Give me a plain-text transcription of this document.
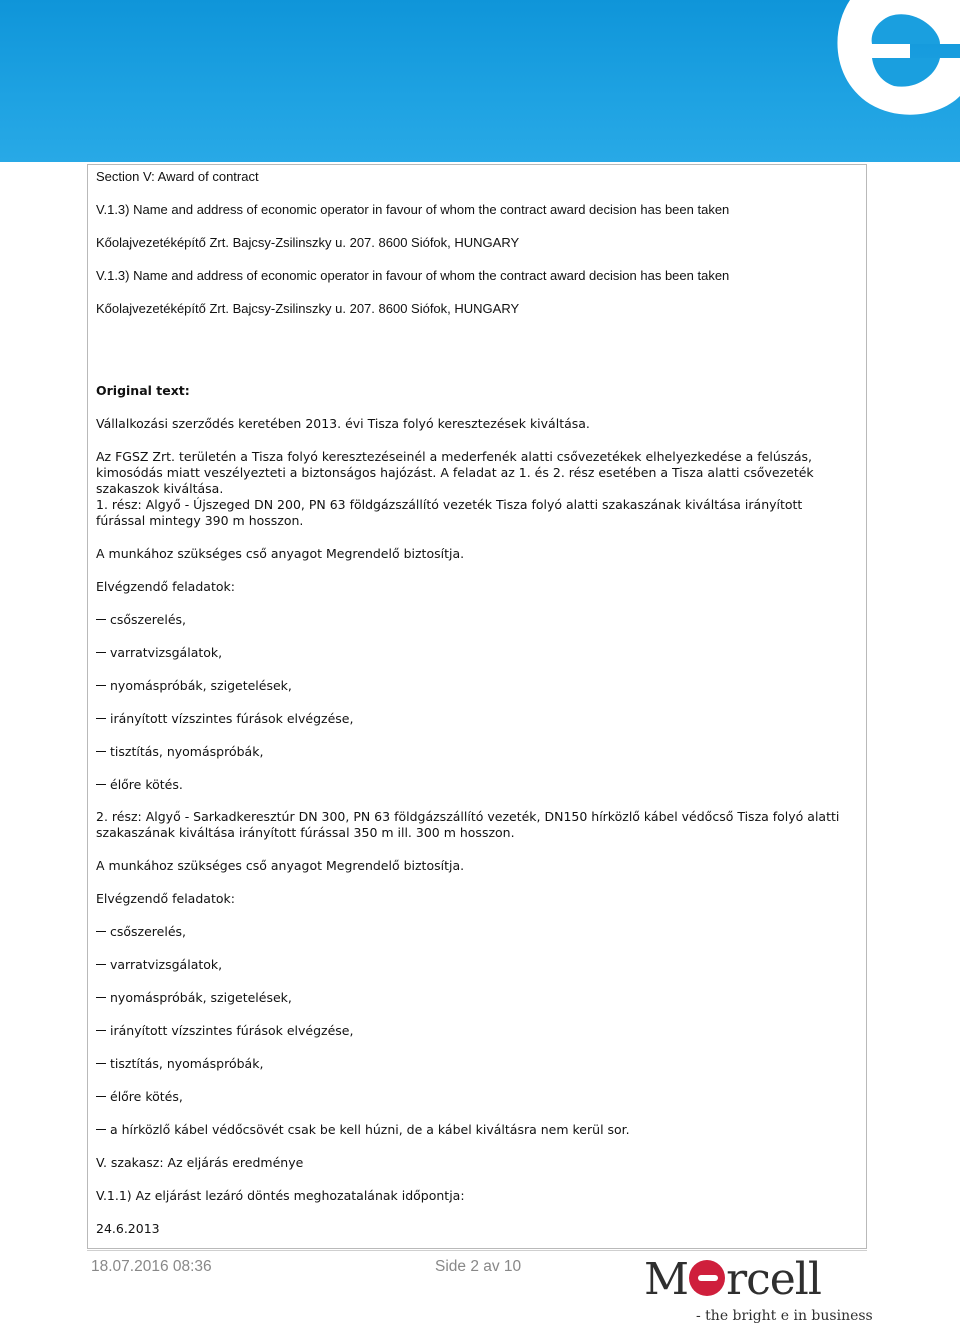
Section V: Award of contract
V.1.3) Name and address of economic operator in favour of whom the contract award decision has been taken
Kőolajvezetéképítő Zrt. Bajcsy-Zsilinszky u. 207. 8600 Siófok, HUNGARY
V.1.3) Name and address of economic operator in favour of whom the contract award decision has been taken
Kőolajvezetéképítő Zrt. Bajcsy-Zsilinszky u. 207. 8600 Siófok, HUNGARY
Original text:
Vállalkozási szerződés keretében 2013. évi Tisza folyó keresztezések kiváltása.
Az FGSZ Zrt. területén a Tisza folyó keresztezéseinél a mederfenék alatti csővezetékek elhelyezkedése a felúszás, kimosódás miatt veszélyezteti a biztonságos hajózást. A feladat az 1. és 2. rész esetében a Tisza alatti csővezeték szakaszok kiváltása.
1. rész: Algyő - Újszeged DN 200, PN 63 földgázszállító vezeték Tisza folyó alatti szakaszának kiváltása irányított fúrással mintegy 390 m hosszon.
A munkához szükséges cső anyagot Megrendelő biztosítja.
Elvégzendő feladatok:
csőszerelés,
varratvizsgálatok,
nyomáspróbák, szigetelések,
irányított vízszintes fúrások elvégzése,
tisztítás, nyomáspróbák,
élőre kötés.
2. rész: Algyő - Sarkadkeresztúr DN 300, PN 63 földgázszállító vezeték, DN150 hírközlő kábel védőcső Tisza folyó alatti szakaszának kiváltása irányított fúrással 350 m ill. 300 m hosszon.
A munkához szükséges cső anyagot Megrendelő biztosítja.
Elvégzendő feladatok:
csőszerelés,
varratvizsgálatok,
nyomáspróbák, szigetelések,
irányított vízszintes fúrások elvégzése,
tisztítás, nyomáspróbák,
élőre kötés,
a hírközlő kábel védőcsövét csak be kell húzni, de a kábel kiváltásra nem kerül sor.
V. szakasz: Az eljárás eredménye
V.1.1) Az eljárást lezáró döntés meghozatalának időpontja:
24.6.2013
18.07.2016 08:36	Side 2 av 10	M rcell
- the bright e in business
